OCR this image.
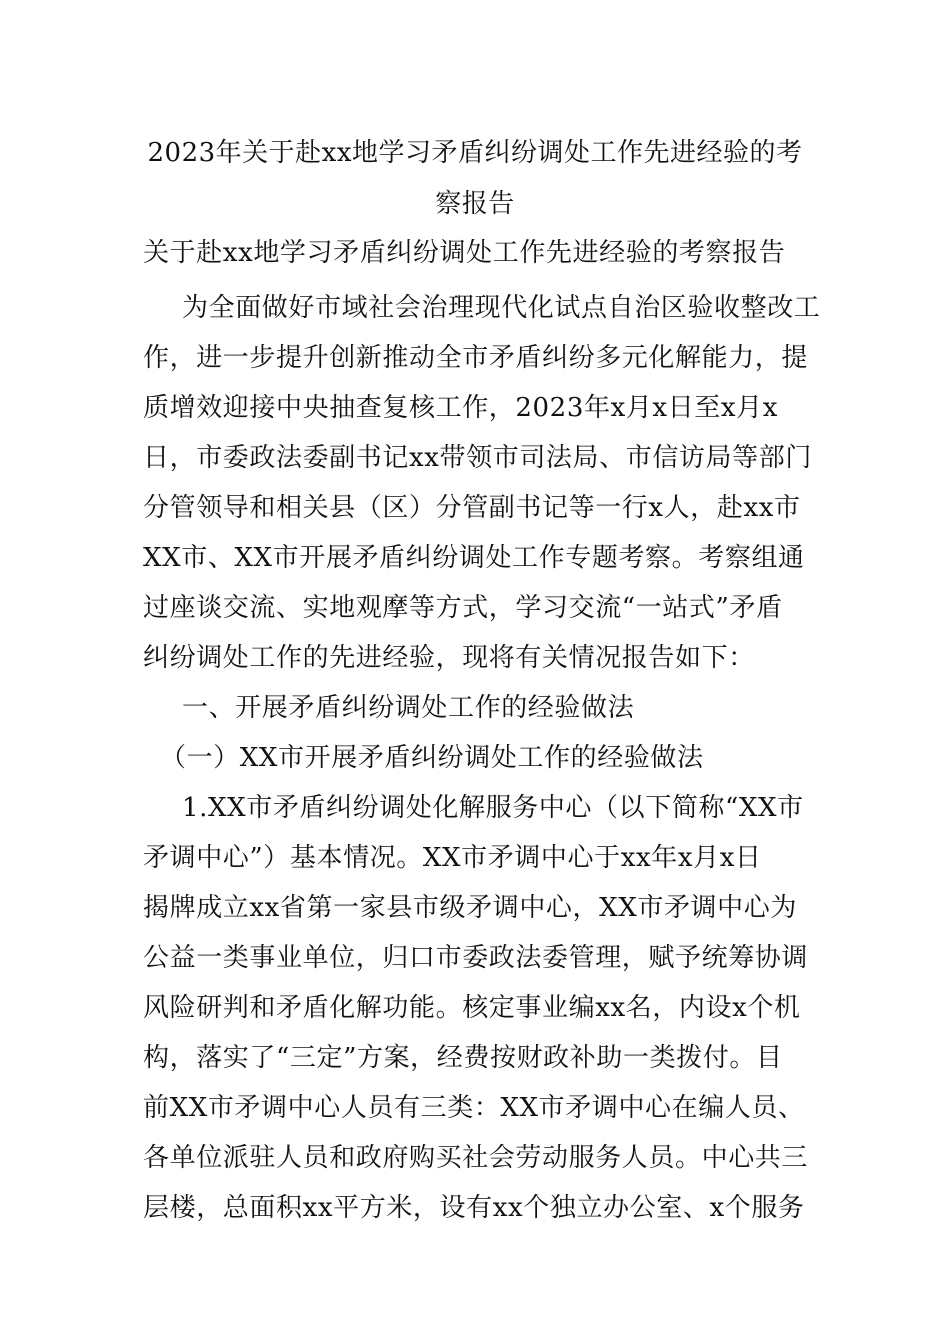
2023年关于赴xx地学习矛盾纠纷调处工作先进经验的考
察报告
关于赴xx地学习矛盾纠纷调处工作先进经验的考察报告
为全面做好市域社会治理现代化试点自治区验收整改工
作，进一步提升创新推动全市矛盾纠纷多元化解能力，提
质增效迎接中央抽查复核工作，2023年x月x日至x月x
日，市委政法委副书记xx带领市司法局、市信访局等部门
分管领导和相关县（区）分管副书记等一行x人，赴xx市
XX市、XX市开展矛盾纠纷调处工作专题考察。考察组通
过座谈交流、实地观摩等方式，学习交流“一站式”矛盾
纠纷调处工作的先进经验，现将有关情况报告如下：
一、开展矛盾纠纷调处工作的经验做法
（一）XX市开展矛盾纠纷调处工作的经验做法
1.XX市矛盾纠纷调处化解服务中心（以下简称“XX市
矛调中心”）基本情况。XX市矛调中心于xx年x月x日
揭牌成立xx省第一家县市级矛调中心，XX市矛调中心为
公益一类事业单位，归口市委政法委管理，赋予统筹协调
风险研判和矛盾化解功能。核定事业编xx名，内设x个机
构，落实了“三定”方案，经费按财政补助一类拨付。目
前XX市矛调中心人员有三类：XX市矛调中心在编人员、
各单位派驻人员和政府购买社会劳动服务人员。中心共三
层楼，总面积xx平方米，设有xx个独立办公室、x个服务
